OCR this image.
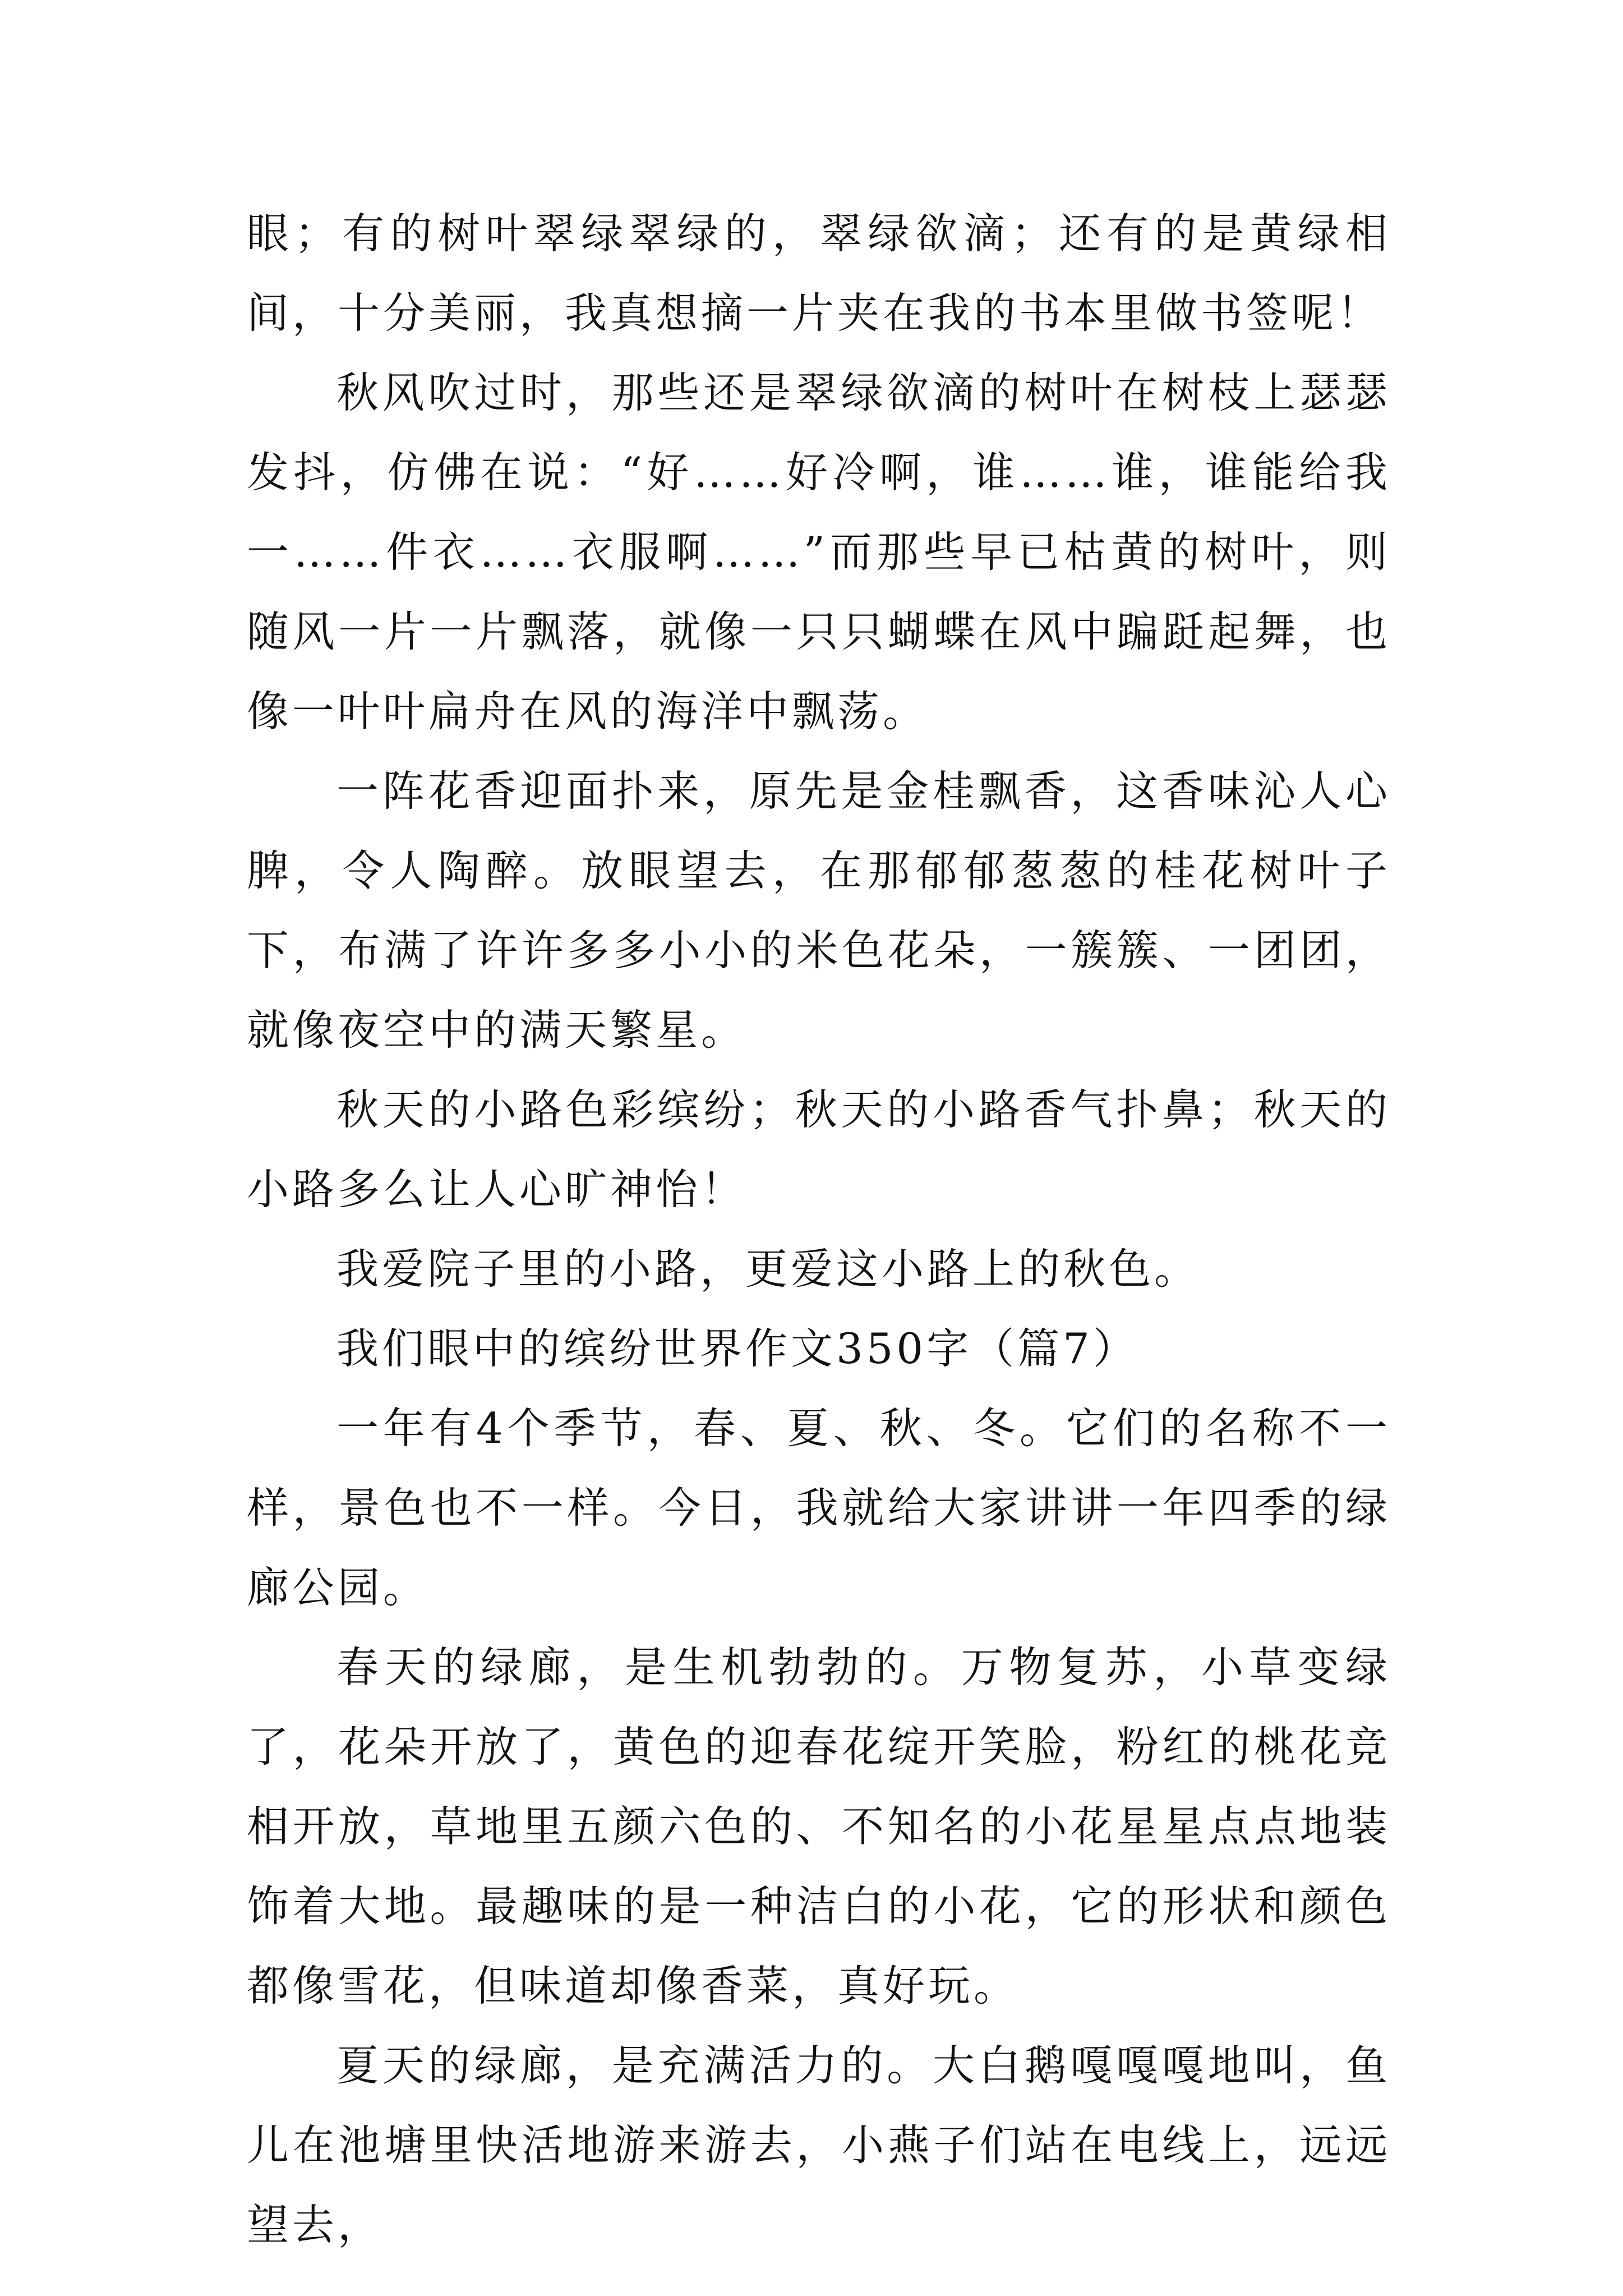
眼；有的树叶翠绿翠绿的，翠绿欲滴；还有的是黄绿相间，十分美丽，我真想摘一片夹在我的书本里做书签呢！

秋风吹过时，那些还是翠绿欲滴的树叶在树枝上瑟瑟发抖，仿佛在说：“好……好冷啊，谁……谁，谁能给我一……件衣……衣服啊……”而那些早已枯黄的树叶，则随风一片一片飘落，就像一只只蝴蝶在风中蹁跹起舞，也像一叶叶扁舟在风的海洋中飘荡。

一阵花香迎面扑来，原先是金桂飘香，这香味沁人心脾，令人陶醉。放眼望去，在那郁郁葱葱的桂花树叶子下，布满了许许多多小小的米色花朵，一簇簇、一团团，就像夜空中的满天繁星。

秋天的小路色彩缤纷；秋天的小路香气扑鼻；秋天的小路多么让人心旷神怡！

我爱院子里的小路，更爱这小路上的秋色。

我们眼中的缤纷世界作文350字（篇7）

一年有4个季节，春、夏、秋、冬。它们的名称不一样，景色也不一样。今日，我就给大家讲讲一年四季的绿廊公园。

春天的绿廊，是生机勃勃的。万物复苏，小草变绿了，花朵开放了，黄色的迎春花绽开笑脸，粉红的桃花竞相开放，草地里五颜六色的、不知名的小花星星点点地装饰着大地。最趣味的是一种洁白的小花，它的形状和颜色都像雪花，但味道却像香菜，真好玩。

夏天的绿廊，是充满活力的。大白鹅嘎嘎嘎地叫，鱼儿在池塘里快活地游来游去，小燕子们站在电线上，远远望去，
